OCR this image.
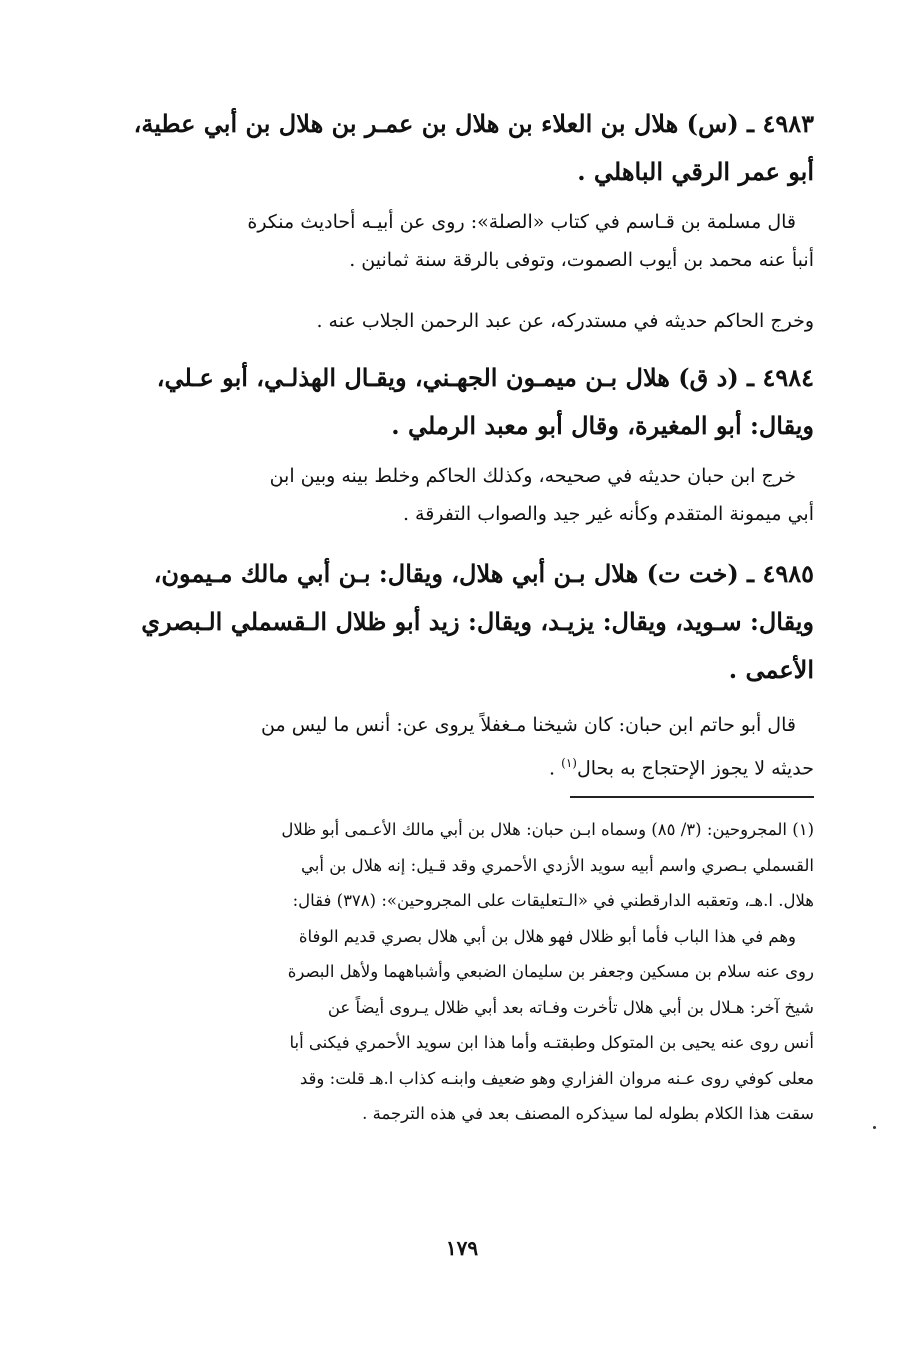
٤٩٨٣ ـ (س) هلال بن العلاء بن هلال بن عمـر بن هلال بن أبي عطية،
أبو عمر الرقي الباهلي .
قال مسلمة بن قـاسم في كتاب «الصلة»: روى عن أبيـه أحاديث منكرة
أنبأ عنه محمد بن أيوب الصموت، وتوفى بالرقة سنة ثمانين .
وخرج الحاكم حديثه في مستدركه، عن عبد الرحمن الجلاب عنه .
٤٩٨٤ ـ (د ق) هلال بـن ميمـون الجهـني، ويقـال الهذلـي، أبو عـلي،
ويقال: أبو المغيرة، وقال أبو معبد الرملي .
خرج ابن حبان حديثه في صحيحه، وكذلك الحاكم وخلط بينه وبين ابن
أبي ميمونة المتقدم وكأنه غير جيد والصواب التفرقة .
٤٩٨٥ ـ (خت ت) هلال بـن أبي هلال، ويقال: بـن أبي مالك مـيمون،
ويقال: سـويد، ويقال: يزيـد، ويقال: زيد أبو ظلال الـقسملي الـبصري
الأعمى .
قال أبو حاتم ابن حبان: كان شيخنا مـغفلاً يروى عن: أنس ما ليس من
حديثه لا يجوز الإحتجاج به بحال$^{(١)}$ .
(١) المجروحين: (٣/ ٨٥) وسماه ابـن حبان: هلال بن أبي مالك الأعـمى أبو ظلال
القسملي بـصري واسم أبيه سويد الأزدي الأحمري وقد قـيل: إنه هلال بن أبي
هلال. ا.هـ، وتعقبه الدارقطني في «الـتعليقات على المجروحين»: (٣٧٨) فقال:
وهم في هذا الباب فأما أبو ظلال فهو هلال بن أبي هلال بصري قديم الوفاة
روى عنه سلام بن مسكين وجعفر بن سليمان الضبعي وأشباههما ولأهل البصرة
شيخ آخر: هـلال بن أبي هلال تأخرت وفـاته بعد أبي ظلال يـروى أيضاً عن
أنس روى عنه يحيى بن المتوكل وطبقتـه وأما هذا ابن سويد الأحمري فيكنى أبا
معلى كوفي روى عـنه مروان الفزاري وهو ضعيف وابنـه كذاب ا.هـ قلت: وقد
سقت هذا الكلام بطوله لما سيذكره المصنف بعد في هذه الترجمة .
١٧٩
